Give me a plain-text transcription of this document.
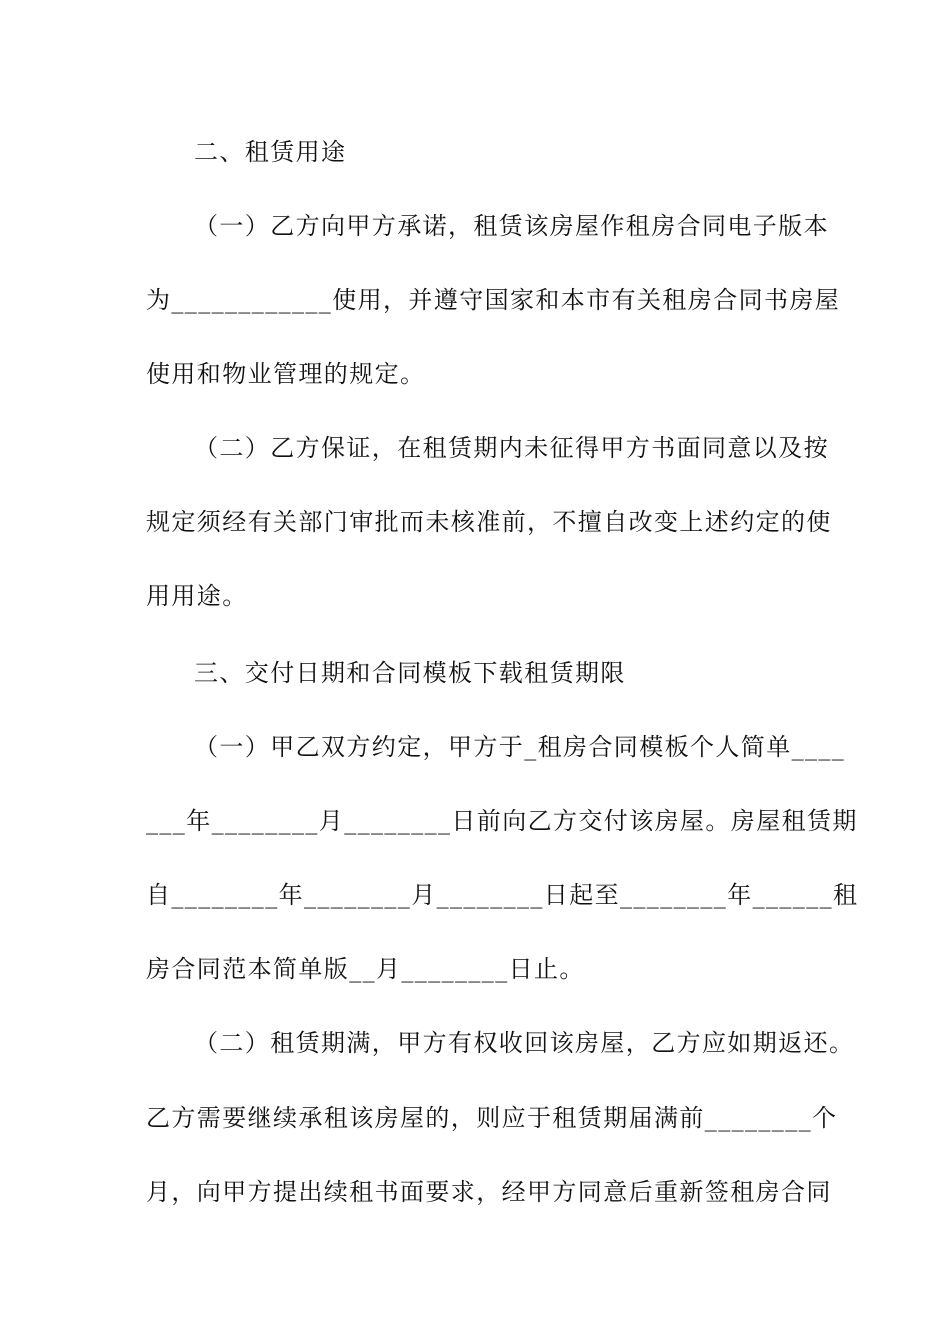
二、租赁用途
（一）乙方向甲方承诺，租赁该房屋作租房合同电子版本
为____________使用，并遵守国家和本市有关租房合同书房屋
使用和物业管理的规定。
（二）乙方保证，在租赁期内未征得甲方书面同意以及按
规定须经有关部门审批而未核准前，不擅自改变上述约定的使
用用途。
三、交付日期和合同模板下载租赁期限
（一）甲乙双方约定，甲方于_租房合同模板个人简单____
___年________月________日前向乙方交付该房屋。房屋租赁期
自________年________月________日起至________年______租
房合同范本简单版__月________日止。
（二）租赁期满，甲方有权收回该房屋，乙方应如期返还。
乙方需要继续承租该房屋的，则应于租赁期届满前________个
月，向甲方提出续租书面要求，经甲方同意后重新签租房合同
